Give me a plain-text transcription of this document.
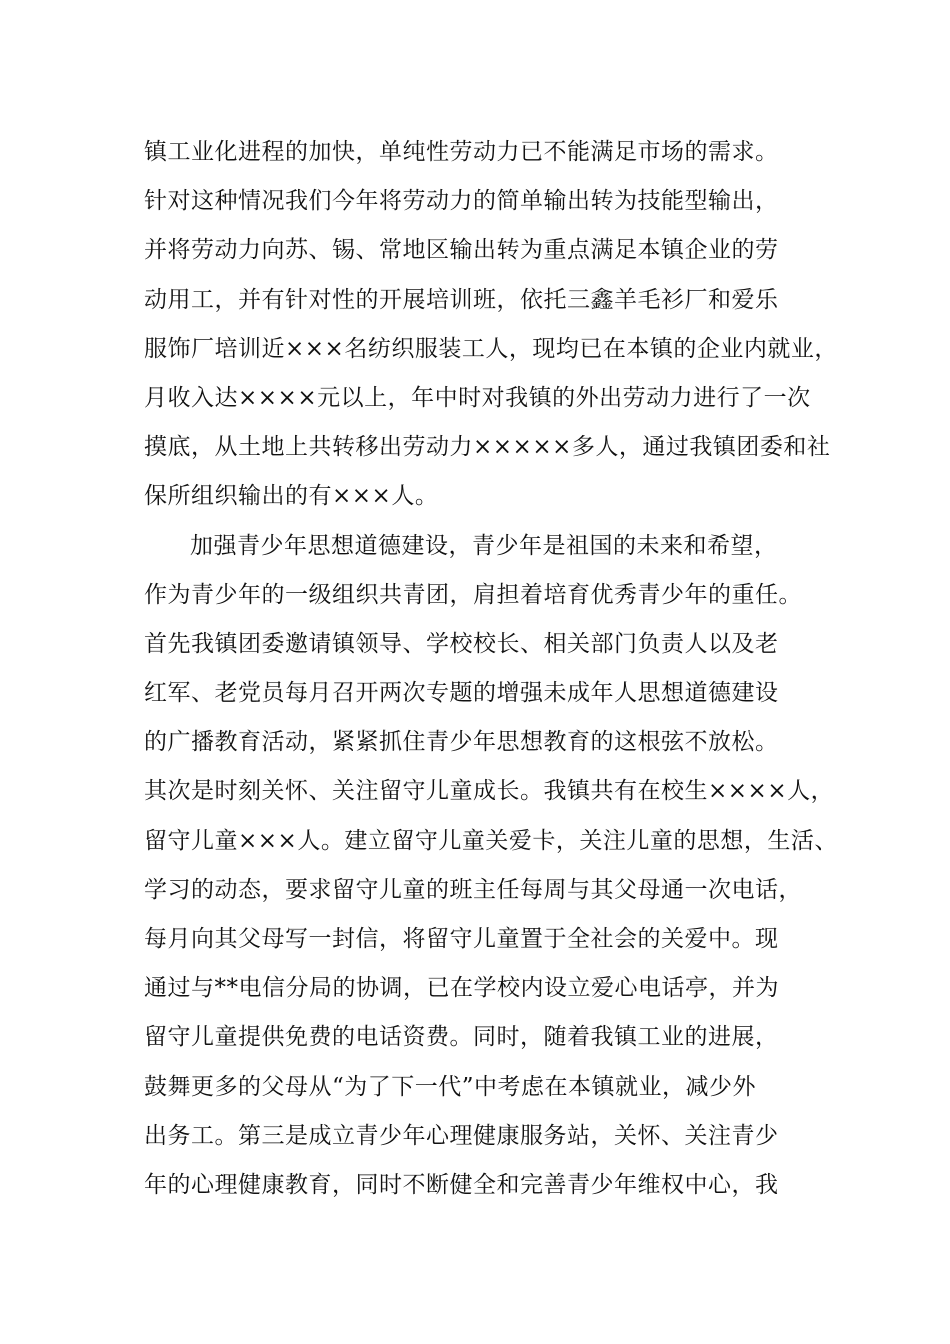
镇工业化进程的加快，单纯性劳动力已不能满足市场的需求。
针对这种情况我们今年将劳动力的简单输出转为技能型输出，
并将劳动力向苏、锡、常地区输出转为重点满足本镇企业的劳
动用工，并有针对性的开展培训班，依托三鑫羊毛衫厂和爱乐
服饰厂培训近×××名纺织服装工人，现均已在本镇的企业内就业，
月收入达××××元以上，年中时对我镇的外出劳动力进行了一次
摸底，从土地上共转移出劳动力×××××多人，通过我镇团委和社
保所组织输出的有×××人。
加强青少年思想道德建设，青少年是祖国的未来和希望，
作为青少年的一级组织共青团，肩担着培育优秀青少年的重任。
首先我镇团委邀请镇领导、学校校长、相关部门负责人以及老
红军、老党员每月召开两次专题的增强未成年人思想道德建设
的广播教育活动，紧紧抓住青少年思想教育的这根弦不放松。
其次是时刻关怀、关注留守儿童成长。我镇共有在校生××××人，
留守儿童×××人。建立留守儿童关爱卡，关注儿童的思想，生活、
学习的动态，要求留守儿童的班主任每周与其父母通一次电话，
每月向其父母写一封信，将留守儿童置于全社会的关爱中。现
通过与**电信分局的协调，已在学校内设立爱心电话亭，并为
留守儿童提供免费的电话资费。同时，随着我镇工业的进展，
鼓舞更多的父母从“为了下一代”中考虑在本镇就业，减少外
出务工。第三是成立青少年心理健康服务站，关怀、关注青少
年的心理健康教育，同时不断健全和完善青少年维权中心，我
